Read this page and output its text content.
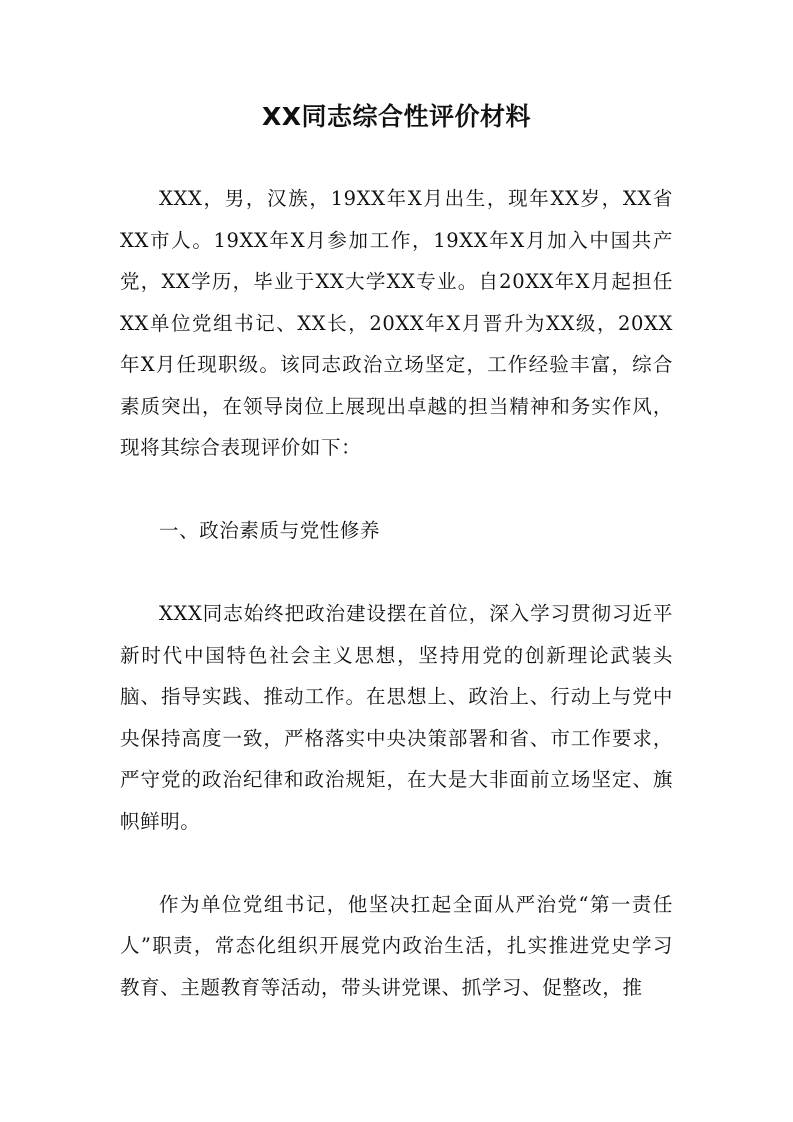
XX同志综合性评价材料

XXX，男，汉族，19XX年X月出生，现年XX岁，XX省XX市人。19XX年X月参加工作，19XX年X月加入中国共产党，XX学历，毕业于XX大学XX专业。自20XX年X月起担任XX单位党组书记、XX长，20XX年X月晋升为XX级，20XX年X月任现职级。该同志政治立场坚定，工作经验丰富，综合素质突出，在领导岗位上展现出卓越的担当精神和务实作风，现将其综合表现评价如下：

一、政治素质与党性修养

XXX同志始终把政治建设摆在首位，深入学习贯彻习近平新时代中国特色社会主义思想，坚持用党的创新理论武装头脑、指导实践、推动工作。在思想上、政治上、行动上与党中央保持高度一致，严格落实中央决策部署和省、市工作要求，严守党的政治纪律和政治规矩，在大是大非面前立场坚定、旗帜鲜明。

作为单位党组书记，他坚决扛起全面从严治党“第一责任人”职责，常态化组织开展党内政治生活，扎实推进党史学习教育、主题教育等活动，带头讲党课、抓学习、促整改，推
